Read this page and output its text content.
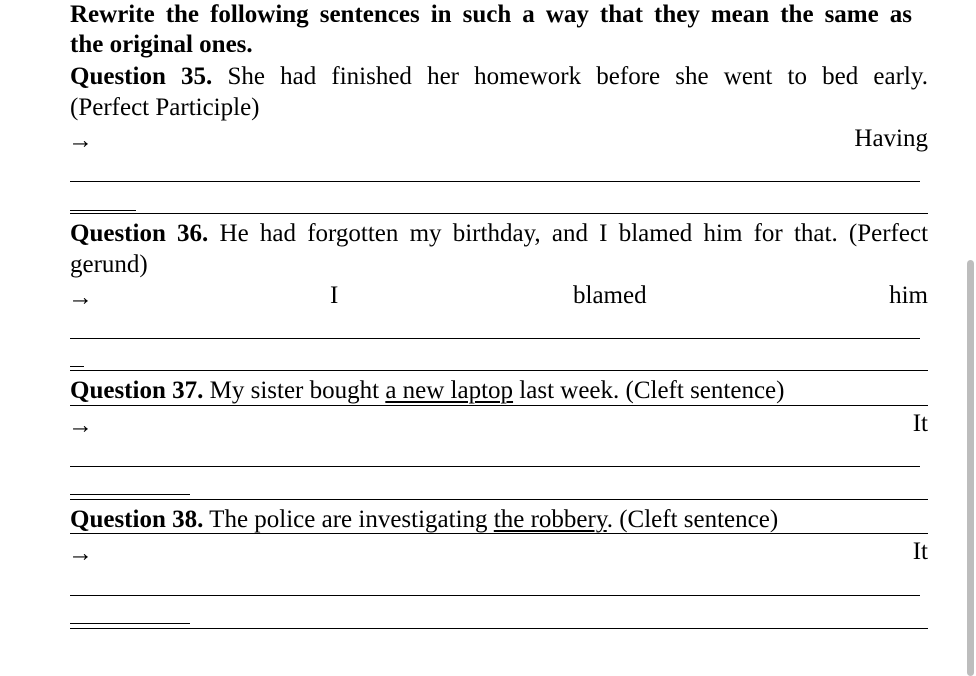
Rewrite the following sentences in such a way that they mean the same as
the original ones.
Question 35. She had finished her homework before she went to bed early.
(Perfect Participle)
→	Having
Question 36. He had forgotten my birthday, and I blamed him for that. (Perfect
gerund)
→	I	blamed	him
Question 37. My sister bought a new laptop last week. (Cleft sentence)
→	It
Question 38. The police are investigating the robbery. (Cleft sentence)
→	It
